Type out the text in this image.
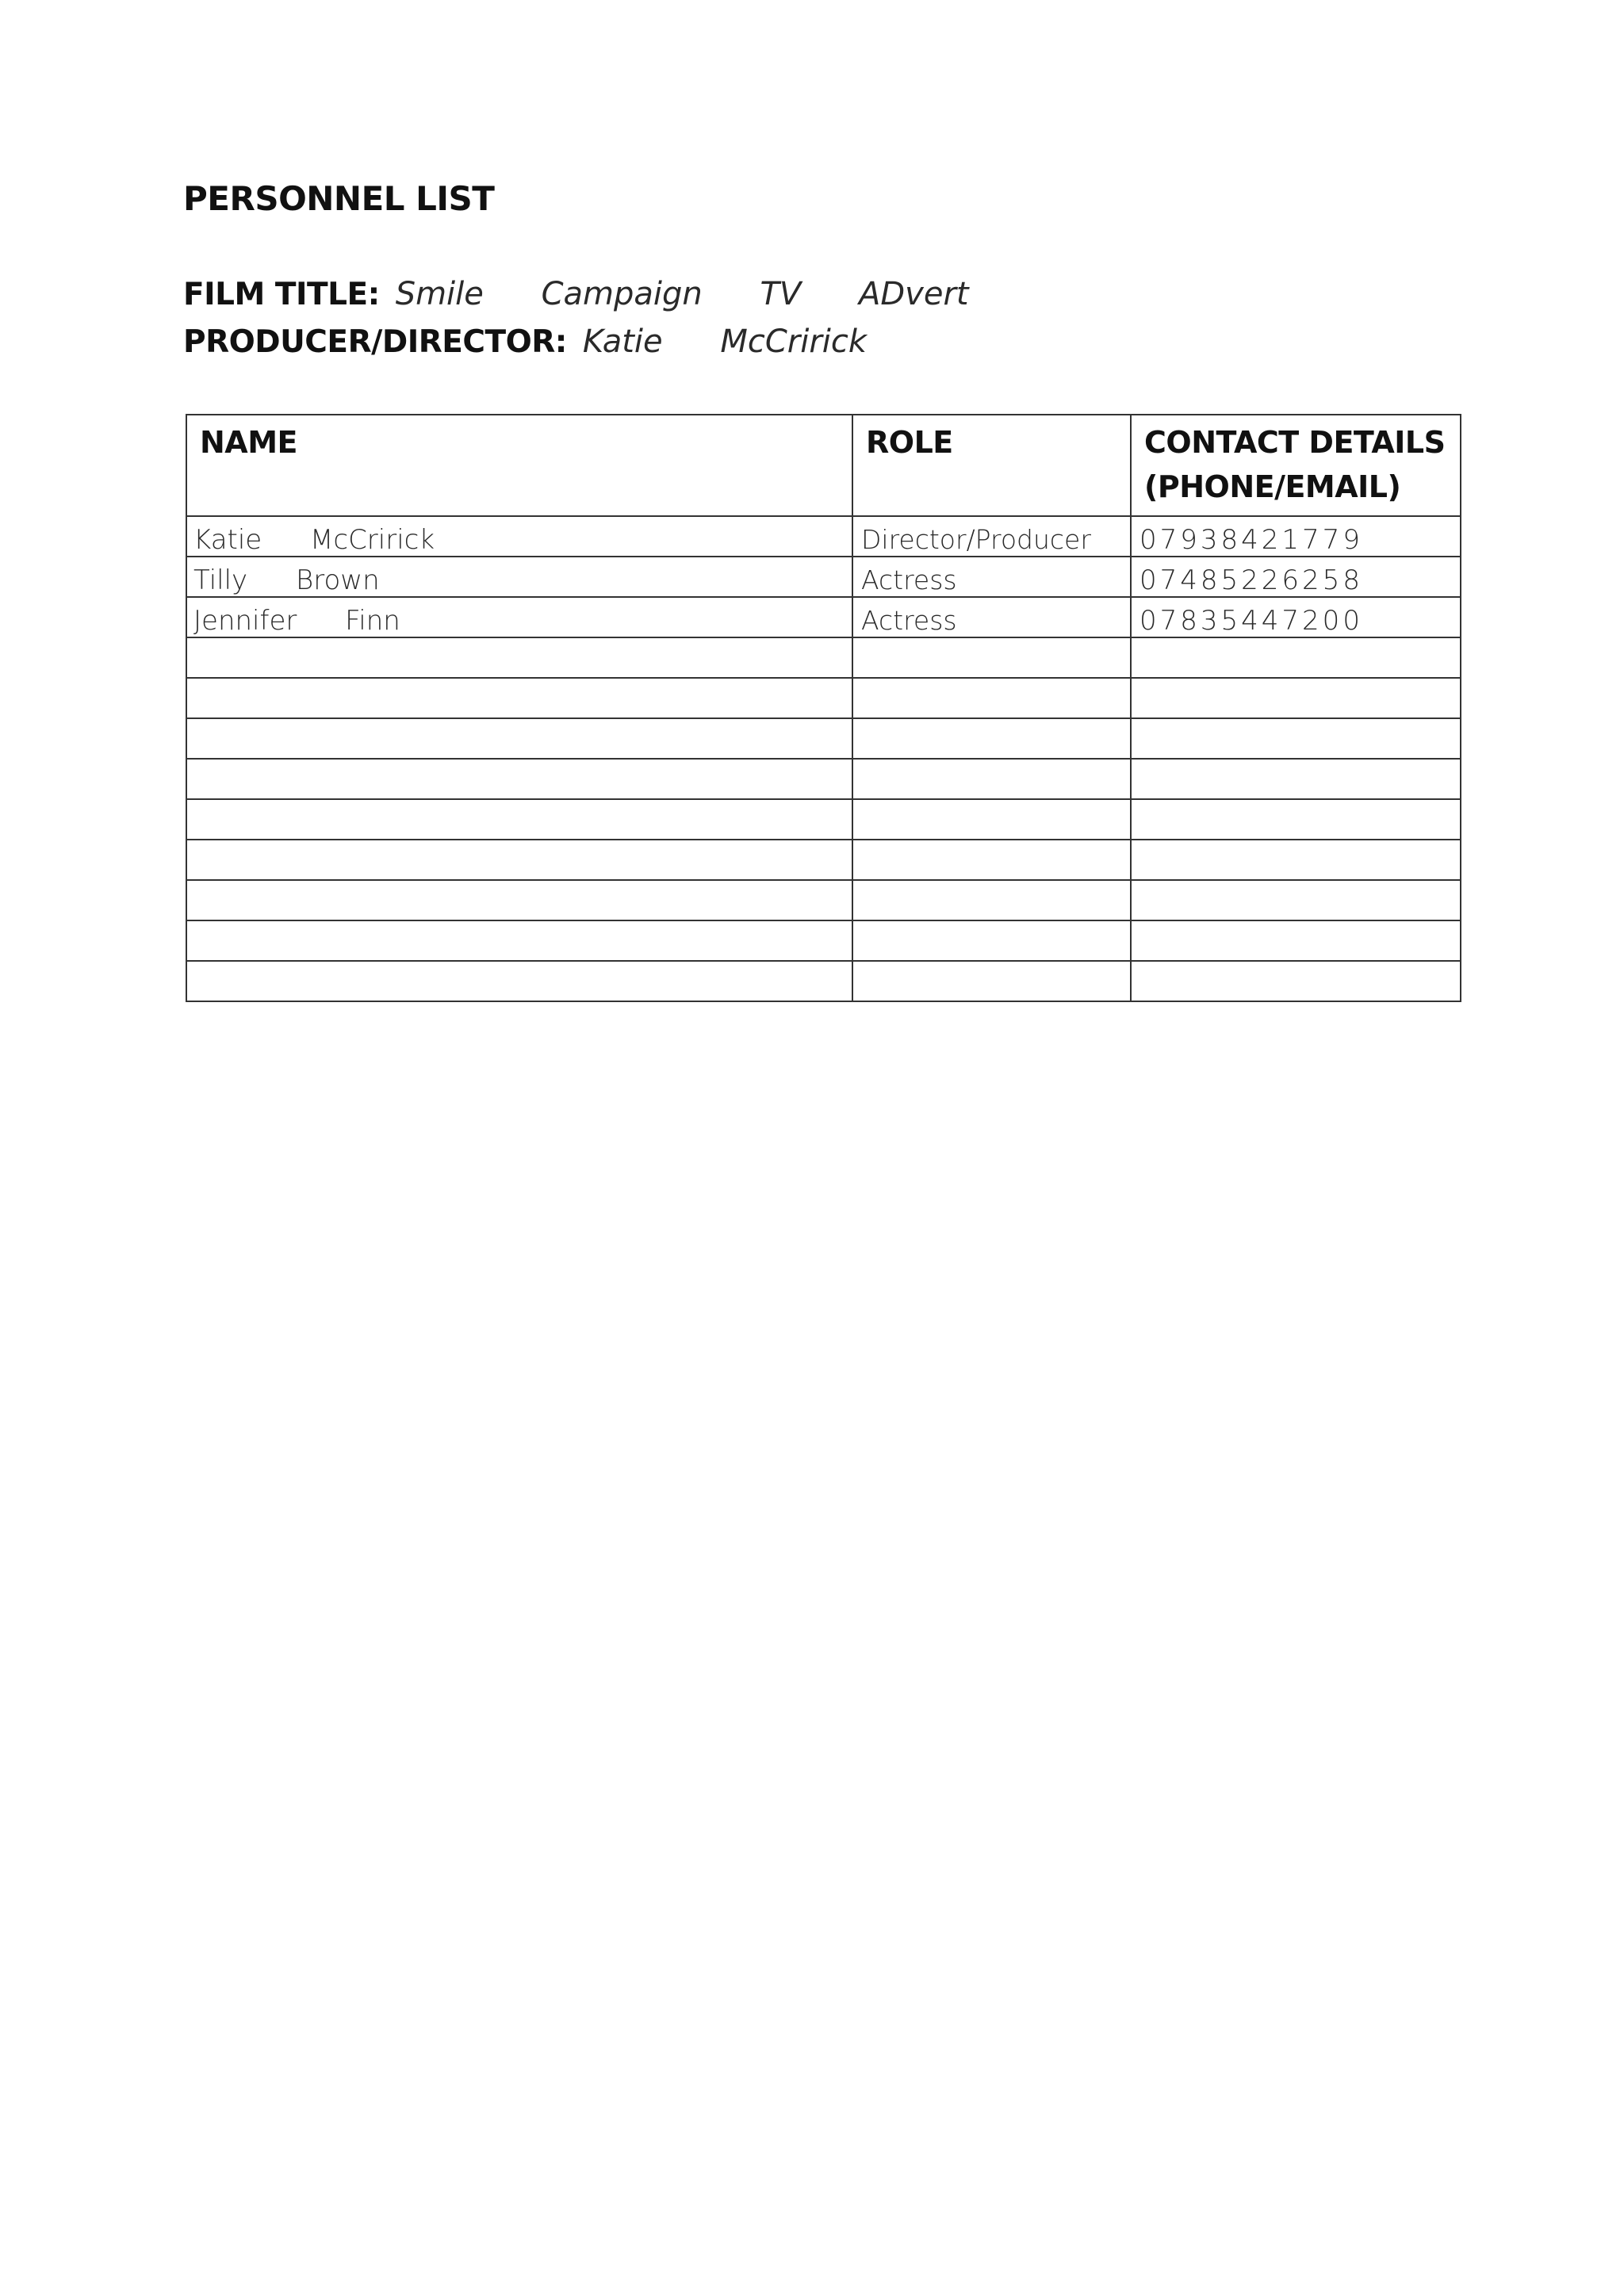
PERSONNEL LIST
FILM TITLE: Smile Campaign TV ADvert
PRODUCER/DIRECTOR: Katie McCririck
NAME	ROLE	CONTACT DETAILS
(PHONE/EMAIL)
Katie McCririck	Director/Producer	07938421779
Tilly Brown	Actress	07485226258
Jennifer Finn	Actress	07835447200
